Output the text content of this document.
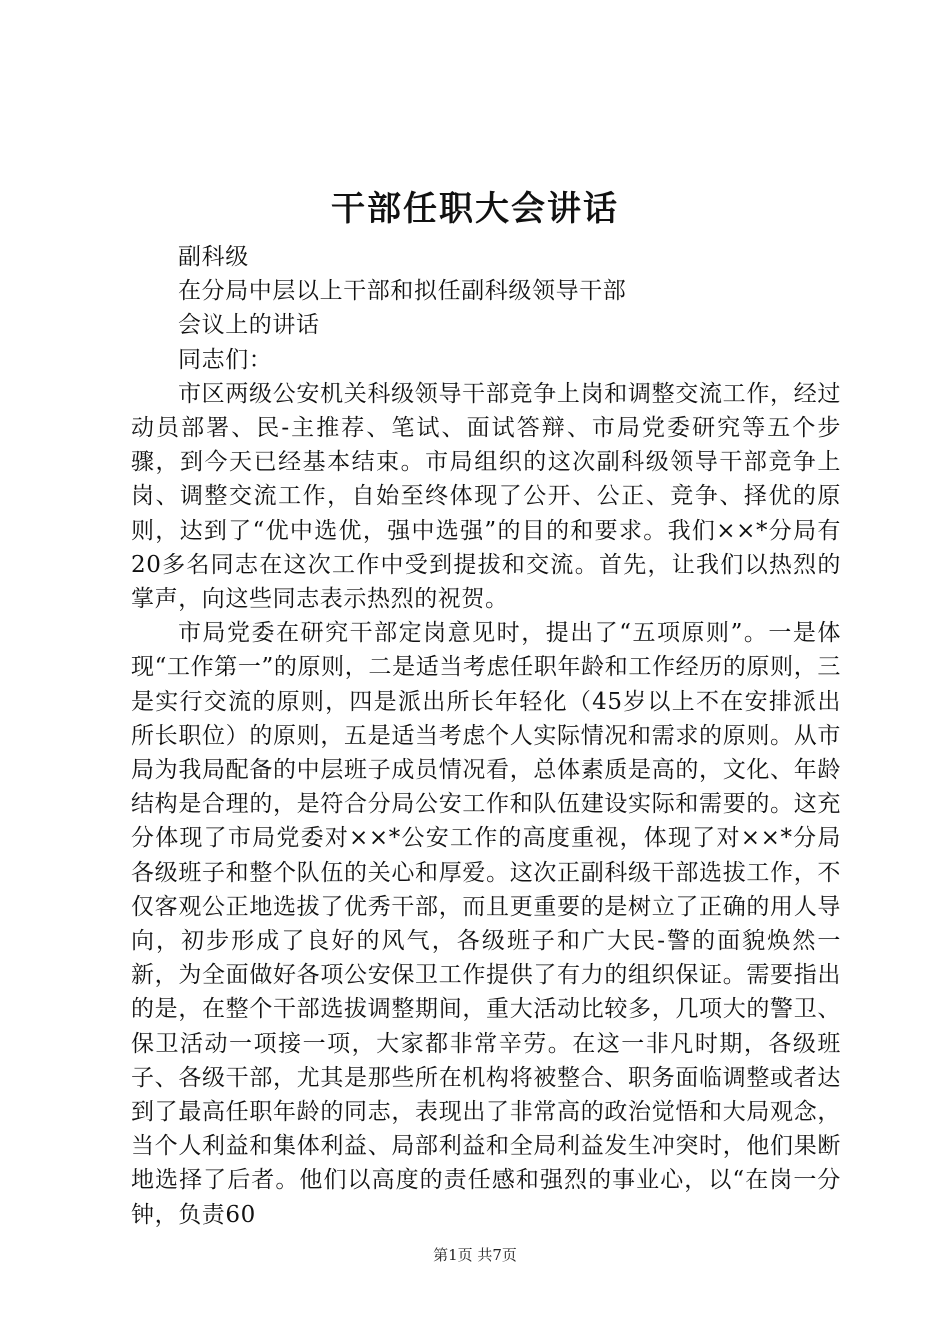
干部任职大会讲话

副科级

在分局中层以上干部和拟任副科级领导干部

会议上的讲话

同志们：

市区两级公安机关科级领导干部竞争上岗和调整交流工作，经过动员部署、民-主推荐、笔试、面试答辩、市局党委研究等五个步骤，到今天已经基本结束。市局组织的这次副科级领导干部竞争上岗、调整交流工作，自始至终体现了公开、公正、竞争、择优的原则，达到了“优中选优，强中选强”的目的和要求。我们××*分局有20多名同志在这次工作中受到提拔和交流。首先，让我们以热烈的掌声，向这些同志表示热烈的祝贺。

市局党委在研究干部定岗意见时，提出了“五项原则”。一是体现“工作第一”的原则，二是适当考虑任职年龄和工作经历的原则，三是实行交流的原则，四是派出所长年轻化（45岁以上不在安排派出所长职位）的原则，五是适当考虑个人实际情况和需求的原则。从市局为我局配备的中层班子成员情况看，总体素质是高的，文化、年龄结构是合理的，是符合分局公安工作和队伍建设实际和需要的。这充分体现了市局党委对××*公安工作的高度重视，体现了对××*分局各级班子和整个队伍的关心和厚爱。这次正副科级干部选拔工作，不仅客观公正地选拔了优秀干部，而且更重要的是树立了正确的用人导向，初步形成了良好的风气，各级班子和广大民-警的面貌焕然一新，为全面做好各项公安保卫工作提供了有力的组织保证。需要指出的是，在整个干部选拔调整期间，重大活动比较多，几项大的警卫、保卫活动一项接一项，大家都非常辛劳。在这一非凡时期，各级班子、各级干部，尤其是那些所在机构将被整合、职务面临调整或者达到了最高任职年龄的同志，表现出了非常高的政治觉悟和大局观念，当个人利益和集体利益、局部利益和全局利益发生冲突时，他们果断地选择了后者。他们以高度的责任感和强烈的事业心，以“在岗一分钟，负责60

第1页 共7页
